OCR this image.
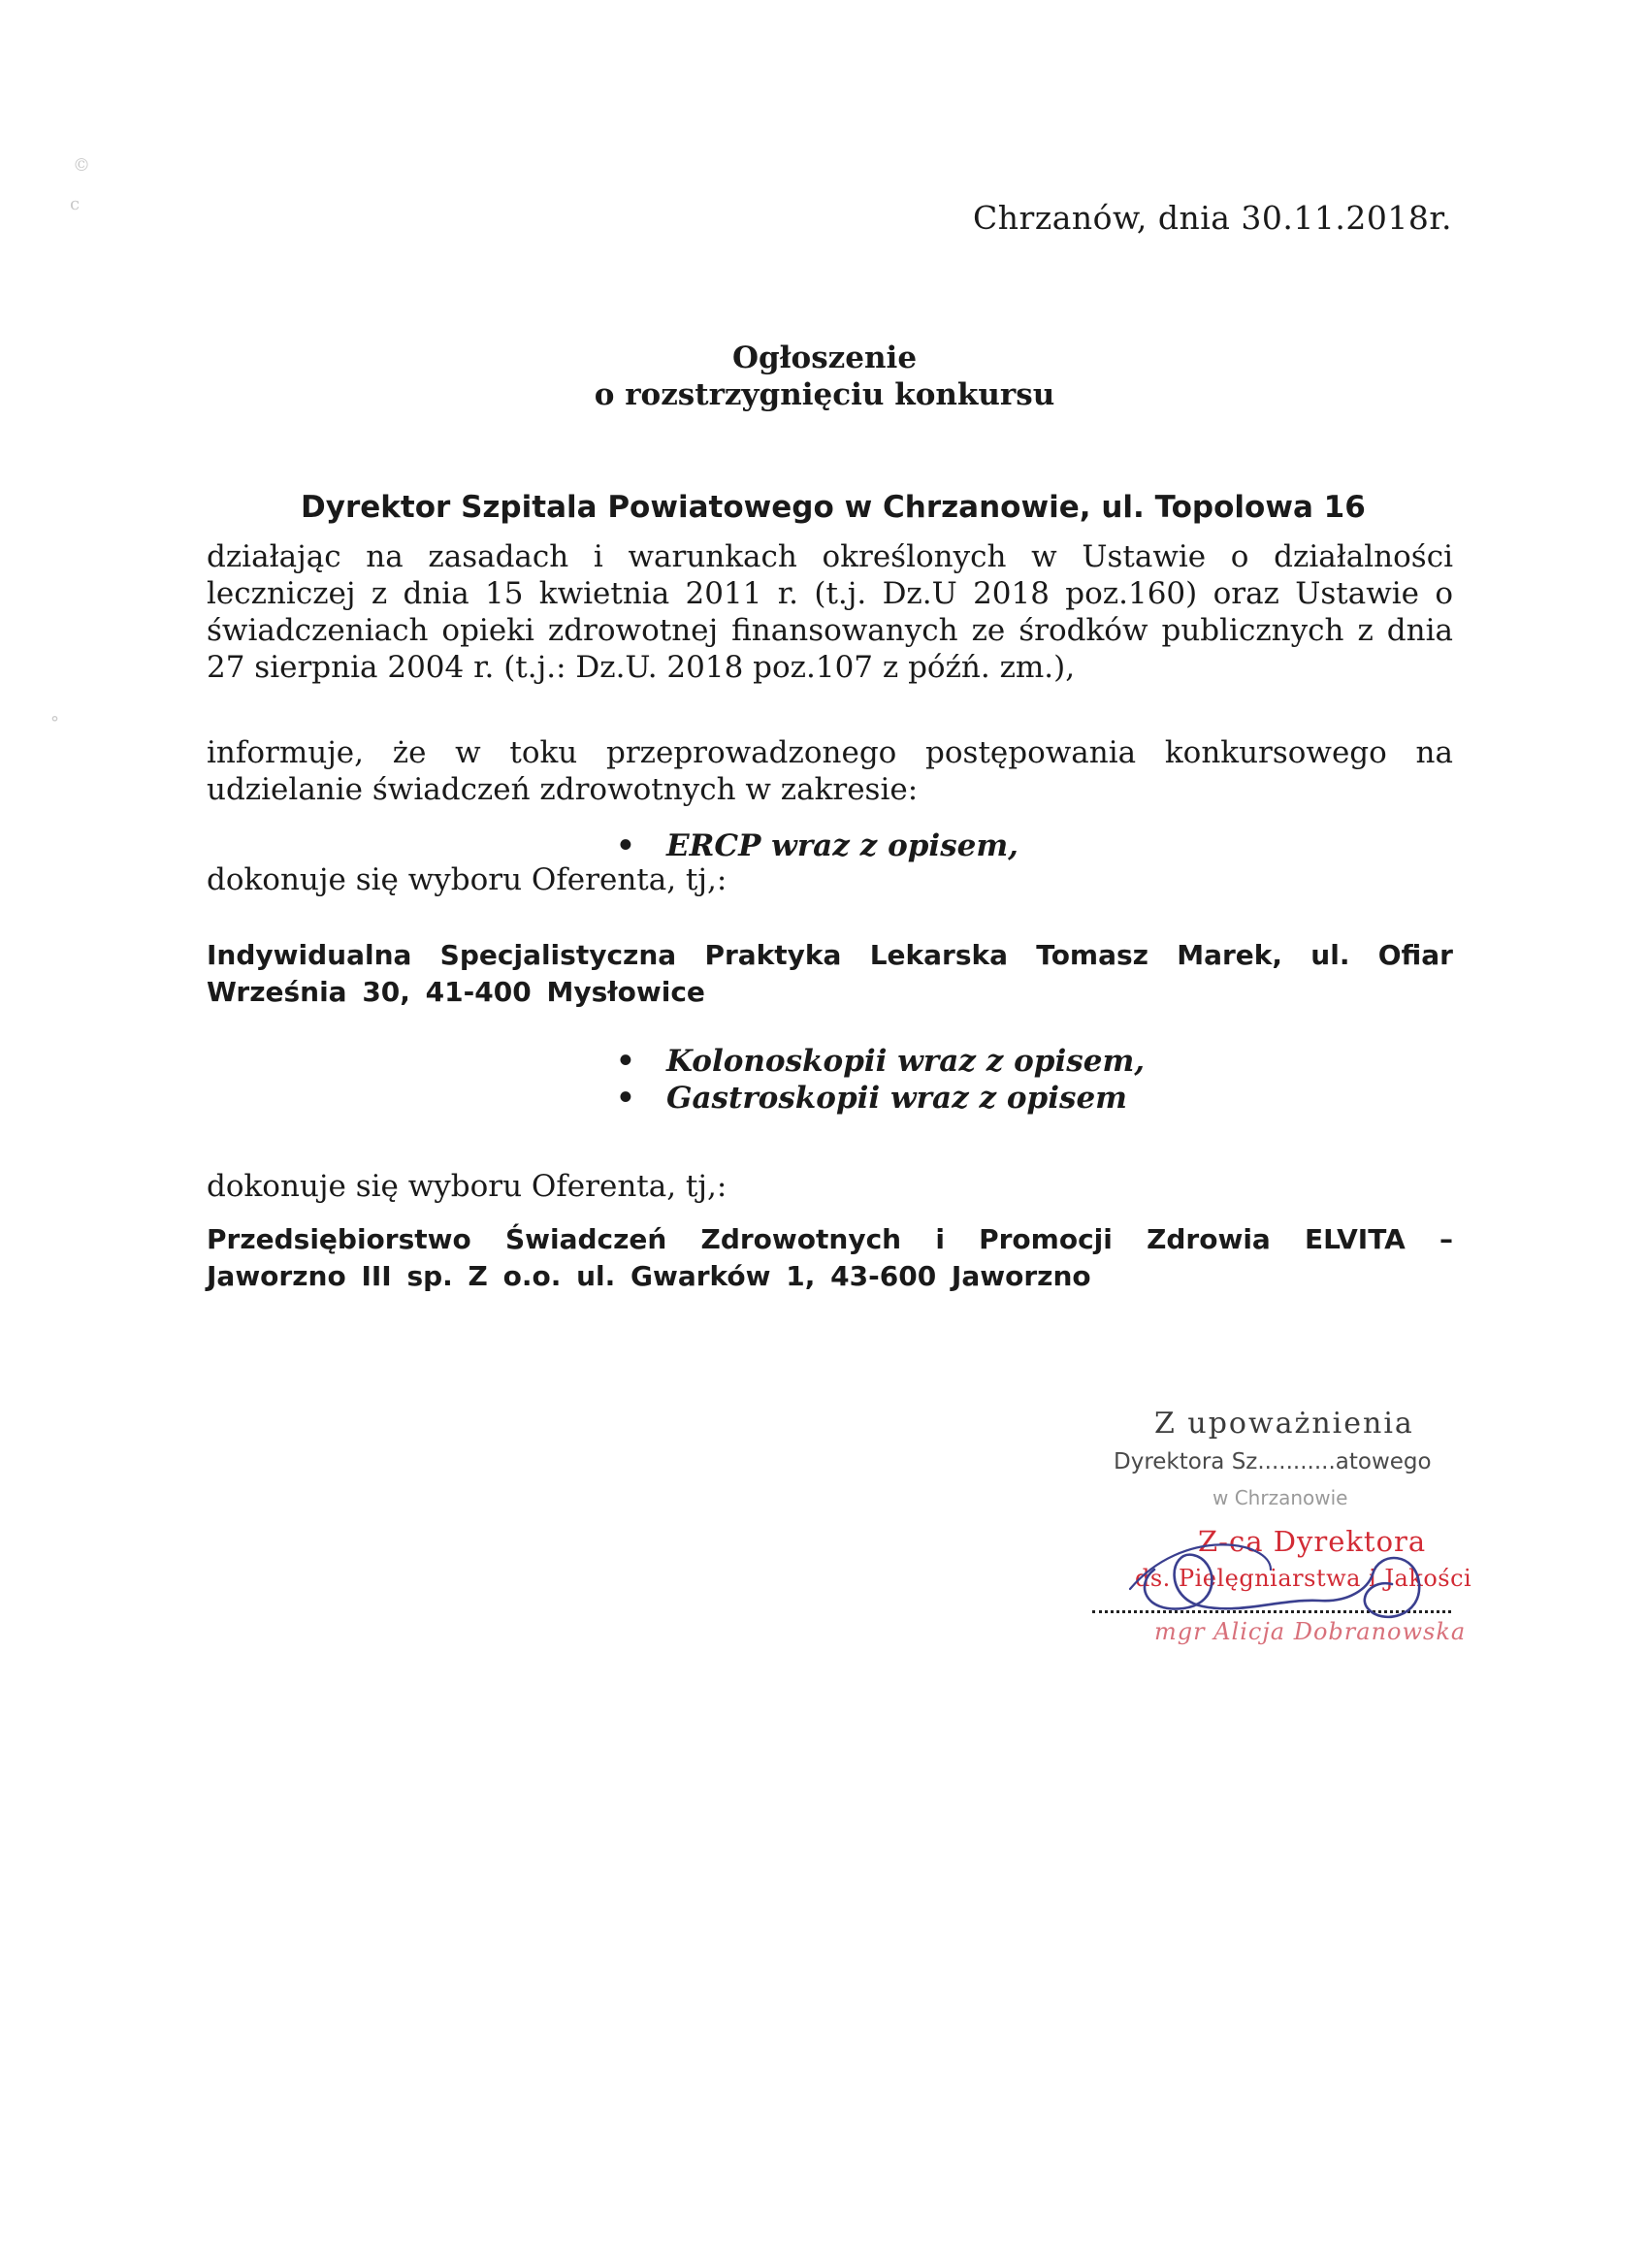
Chrzanów, dnia 30.11.2018r.
Ogłoszenie
o rozstrzygnięciu konkursu
Dyrektor Szpitala Powiatowego w Chrzanowie, ul. Topolowa 16
działając na zasadach i warunkach określonych w Ustawie o działalności leczniczej z dnia 15 kwietnia 2011 r. (t.j. Dz.U 2018 poz.160) oraz Ustawie o świadczeniach opieki zdrowotnej finansowanych ze środków publicznych z dnia 27 sierpnia 2004 r. (t.j.: Dz.U. 2018 poz.107 z późń. zm.),
informuje, że w toku przeprowadzonego postępowania konkursowego na udzielanie świadczeń zdrowotnych w zakresie:
• ERCP wraz z opisem,
dokonuje się wyboru Oferenta, tj,:
Indywidualna Specjalistyczna Praktyka Lekarska Tomasz Marek, ul. Ofiar Września 30, 41-400 Mysłowice
• Kolonoskopii wraz z opisem,
• Gastroskopii wraz z opisem
dokonuje się wyboru Oferenta, tj,:
Przedsiębiorstwo Świadczeń Zdrowotnych i Promocji Zdrowia ELVITA – Jaworzno III sp. Z o.o. ul. Gwarków 1, 43-600 Jaworzno
Z upoważnienia
Dyrektora Sz...........atowego
w Chrzanowie
Z-ca Dyrektora
ds. Pielęgniarstwa i Jakości
mgr Alicja Dobranowska
©
c
°
